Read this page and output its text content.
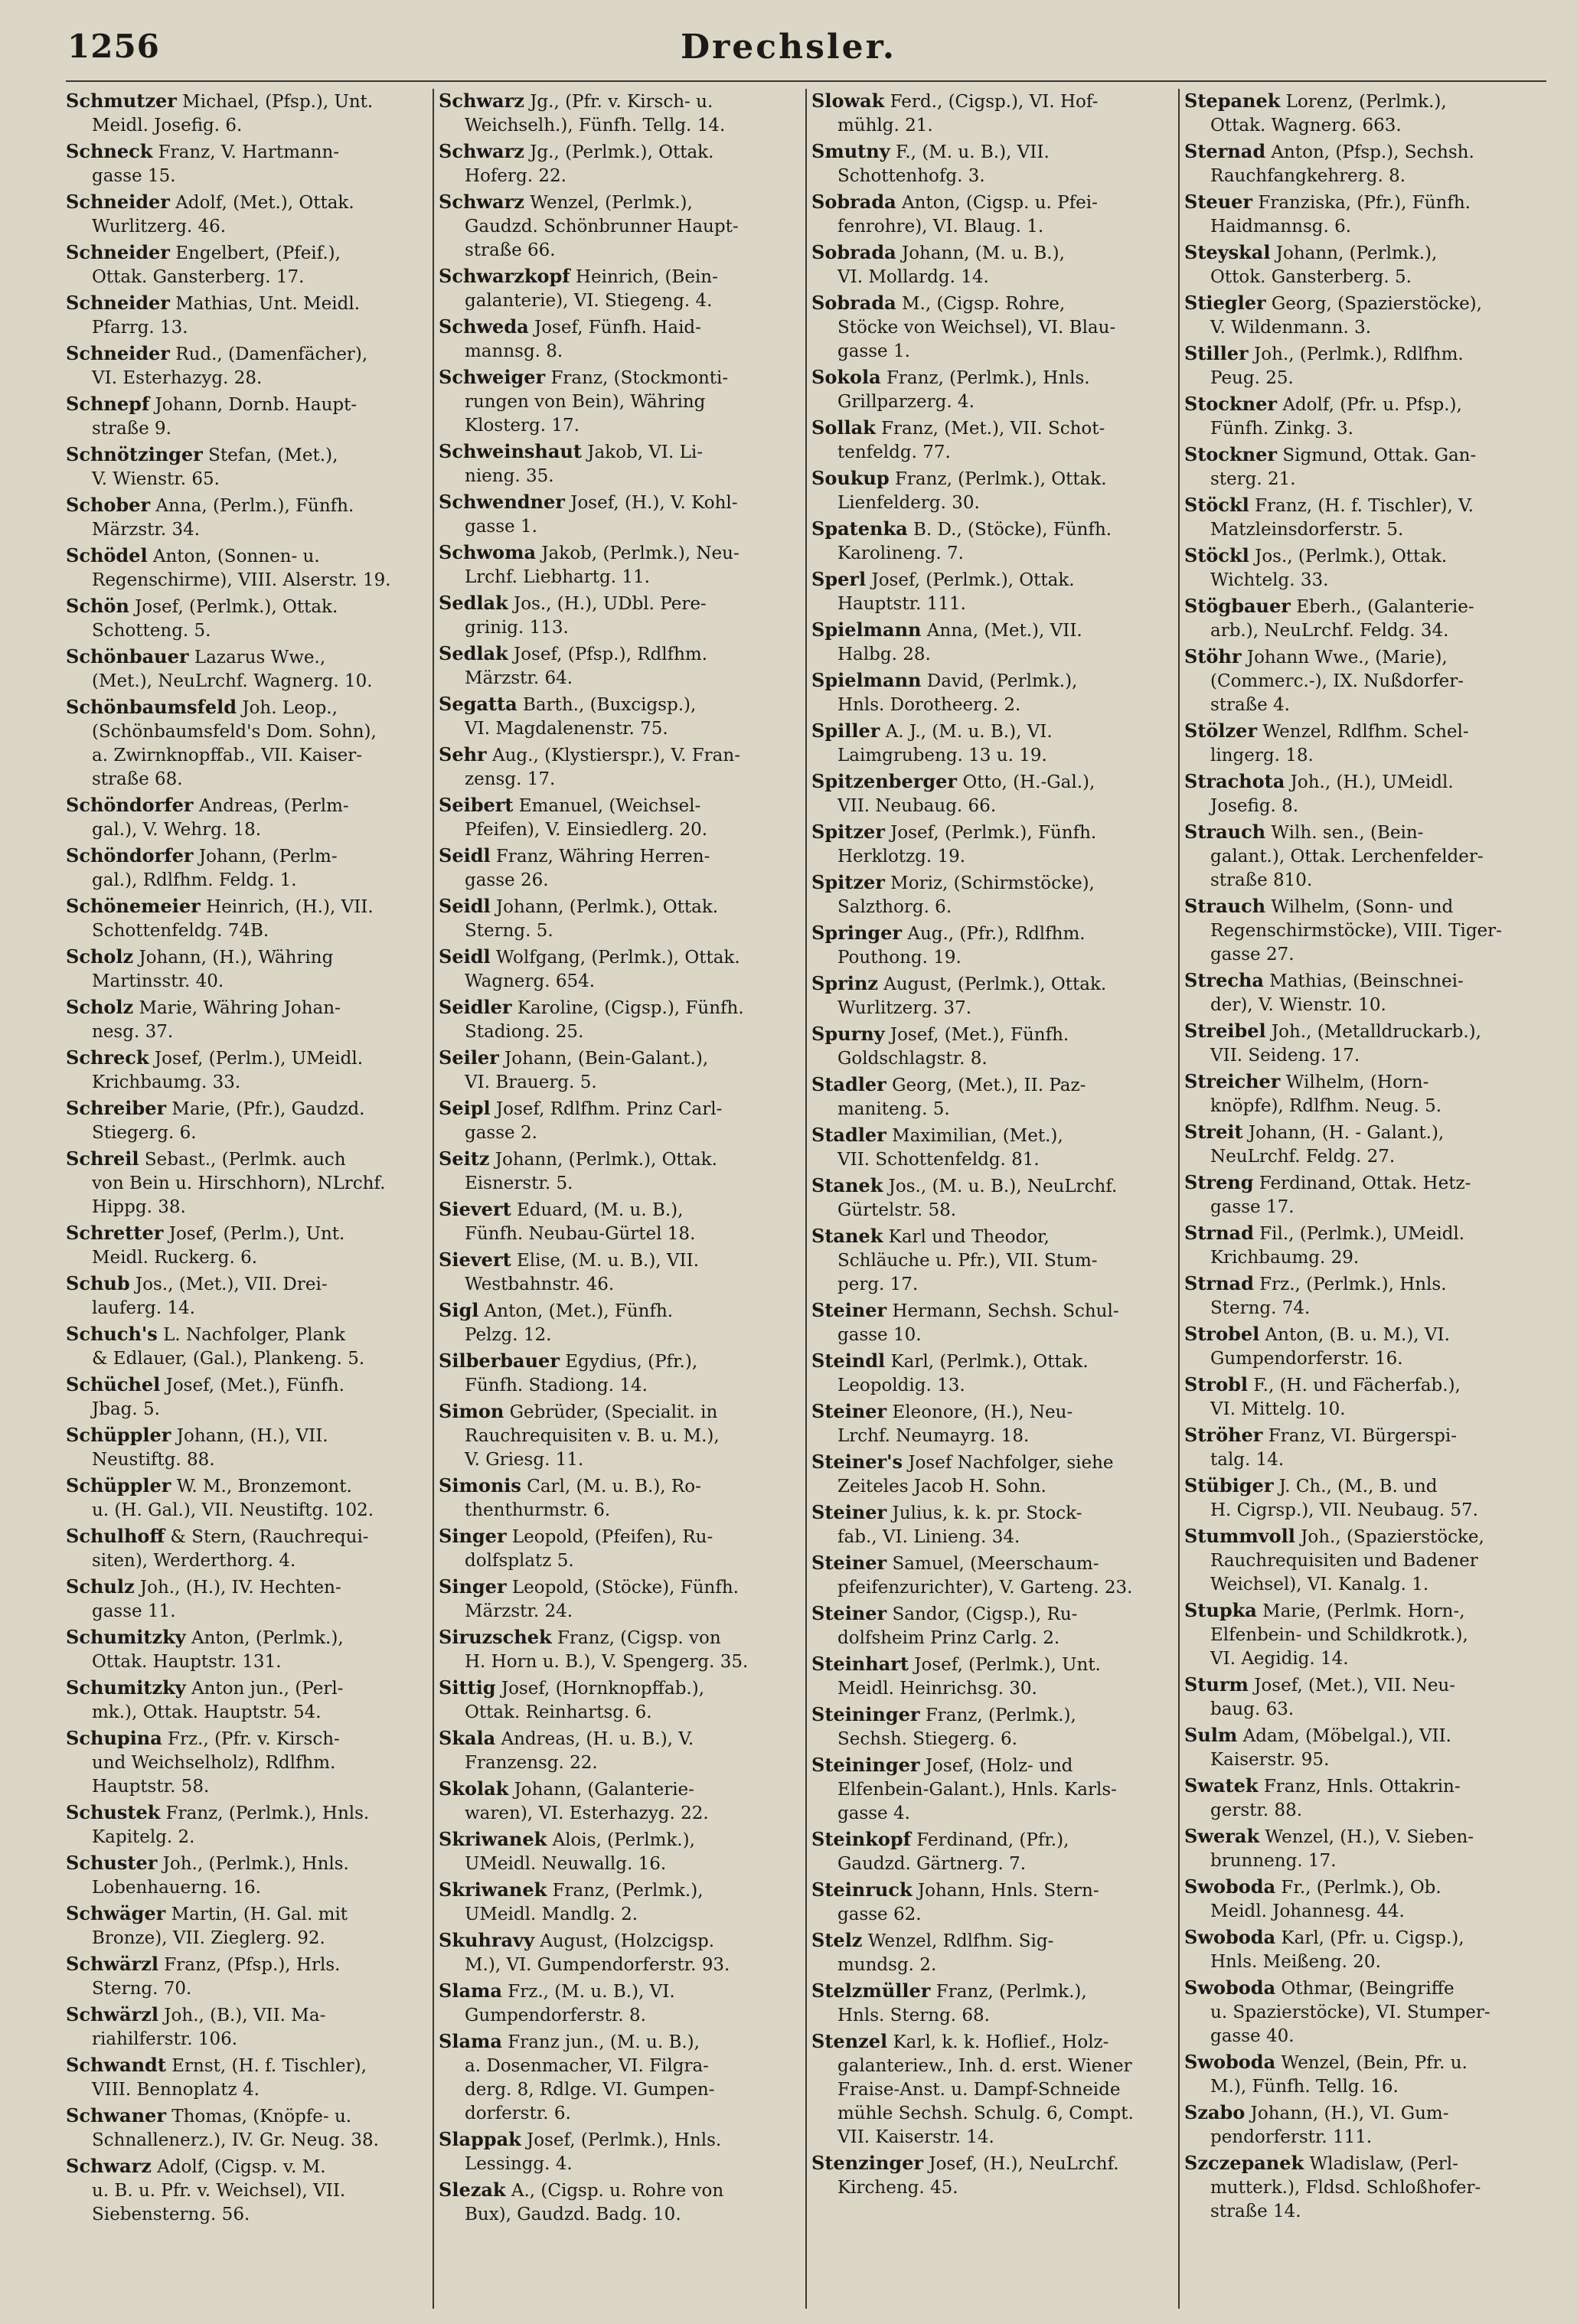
1256	Drechsler.
Schmutzer Michael, (Pfsp.), Unt.
Meidl. Josefig. 6.
Schneck Franz, V. Hartmann-
gasse 15.
Schneider Adolf, (Met.), Ottak.
Wurlitzerg. 46.
Schneider Engelbert, (Pfeif.),
Ottak. Gansterberg. 17.
Schneider Mathias, Unt. Meidl.
Pfarrg. 13.
Schneider Rud., (Damenfächer),
VI. Esterhazyg. 28.
Schnepf Johann, Dornb. Haupt-
straße 9.
Schnötzinger Stefan, (Met.),
V. Wienstr. 65.
Schober Anna, (Perlm.), Fünfh.
Märzstr. 34.
Schödel Anton, (Sonnen- u.
Regenschirme), VIII. Alserstr. 19.
Schön Josef, (Perlmk.), Ottak.
Schotteng. 5.
Schönbauer Lazarus Wwe.,
(Met.), NeuLrchf. Wagnerg. 10.
Schönbaumsfeld Joh. Leop.,
(Schönbaumsfeld's Dom. Sohn),
a. Zwirnknopffab., VII. Kaiser-
straße 68.
Schöndorfer Andreas, (Perlm-
gal.), V. Wehrg. 18.
Schöndorfer Johann, (Perlm-
gal.), Rdlfhm. Feldg. 1.
Schönemeier Heinrich, (H.), VII.
Schottenfeldg. 74B.
Scholz Johann, (H.), Währing
Martinsstr. 40.
Scholz Marie, Währing Johan-
nesg. 37.
Schreck Josef, (Perlm.), UMeidl.
Krichbaumg. 33.
Schreiber Marie, (Pfr.), Gaudzd.
Stiegerg. 6.
Schreil Sebast., (Perlmk. auch
von Bein u. Hirschhorn), NLrchf.
Hippg. 38.
Schretter Josef, (Perlm.), Unt.
Meidl. Ruckerg. 6.
Schub Jos., (Met.), VII. Drei-
lauferg. 14.
Schuch's L. Nachfolger, Plank
& Edlauer, (Gal.), Plankeng. 5.
Schüchel Josef, (Met.), Fünfh.
Jbag. 5.
Schüppler Johann, (H.), VII.
Neustiftg. 88.
Schüppler W. M., Bronzemont.
u. (H. Gal.), VII. Neustiftg. 102.
Schulhoff & Stern, (Rauchrequi-
siten), Werderthorg. 4.
Schulz Joh., (H.), IV. Hechten-
gasse 11.
Schumitzky Anton, (Perlmk.),
Ottak. Hauptstr. 131.
Schumitzky Anton jun., (Perl-
mk.), Ottak. Hauptstr. 54.
Schupina Frz., (Pfr. v. Kirsch-
und Weichselholz), Rdlfhm.
Hauptstr. 58.
Schustek Franz, (Perlmk.), Hnls.
Kapitelg. 2.
Schuster Joh., (Perlmk.), Hnls.
Lobenhauerng. 16.
Schwäger Martin, (H. Gal. mit
Bronze), VII. Zieglerg. 92.
Schwärzl Franz, (Pfsp.), Hrls.
Sterng. 70.
Schwärzl Joh., (B.), VII. Ma-
riahilferstr. 106.
Schwandt Ernst, (H. f. Tischler),
VIII. Bennoplatz 4.
Schwaner Thomas, (Knöpfe- u.
Schnallenerz.), IV. Gr. Neug. 38.
Schwarz Adolf, (Cigsp. v. M.
u. B. u. Pfr. v. Weichsel), VII.
Siebensterng. 56.
Schwarz Jg., (Pfr. v. Kirsch- u.
Weichselh.), Fünfh. Tellg. 14.
Schwarz Jg., (Perlmk.), Ottak.
Hoferg. 22.
Schwarz Wenzel, (Perlmk.),
Gaudzd. Schönbrunner Haupt-
straße 66.
Schwarzkopf Heinrich, (Bein-
galanterie), VI. Stiegeng. 4.
Schweda Josef, Fünfh. Haid-
mannsg. 8.
Schweiger Franz, (Stockmonti-
rungen von Bein), Währing
Klosterg. 17.
Schweinshaut Jakob, VI. Li-
nieng. 35.
Schwendner Josef, (H.), V. Kohl-
gasse 1.
Schwoma Jakob, (Perlmk.), Neu-
Lrchf. Liebhartg. 11.
Sedlak Jos., (H.), UDbl. Pere-
grinig. 113.
Sedlak Josef, (Pfsp.), Rdlfhm.
Märzstr. 64.
Segatta Barth., (Buxcigsp.),
VI. Magdalenenstr. 75.
Sehr Aug., (Klystierspr.), V. Fran-
zensg. 17.
Seibert Emanuel, (Weichsel-
Pfeifen), V. Einsiedlerg. 20.
Seidl Franz, Währing Herren-
gasse 26.
Seidl Johann, (Perlmk.), Ottak.
Sterng. 5.
Seidl Wolfgang, (Perlmk.), Ottak.
Wagnerg. 654.
Seidler Karoline, (Cigsp.), Fünfh.
Stadiong. 25.
Seiler Johann, (Bein-Galant.),
VI. Brauerg. 5.
Seipl Josef, Rdlfhm. Prinz Carl-
gasse 2.
Seitz Johann, (Perlmk.), Ottak.
Eisnerstr. 5.
Sievert Eduard, (M. u. B.),
Fünfh. Neubau-Gürtel 18.
Sievert Elise, (M. u. B.), VII.
Westbahnstr. 46.
Sigl Anton, (Met.), Fünfh.
Pelzg. 12.
Silberbauer Egydius, (Pfr.),
Fünfh. Stadiong. 14.
Simon Gebrüder, (Specialit. in
Rauchrequisiten v. B. u. M.),
V. Griesg. 11.
Simonis Carl, (M. u. B.), Ro-
thenthurmstr. 6.
Singer Leopold, (Pfeifen), Ru-
dolfsplatz 5.
Singer Leopold, (Stöcke), Fünfh.
Märzstr. 24.
Siruzschek Franz, (Cigsp. von
H. Horn u. B.), V. Spengerg. 35.
Sittig Josef, (Hornknopffab.),
Ottak. Reinhartsg. 6.
Skala Andreas, (H. u. B.), V.
Franzensg. 22.
Skolak Johann, (Galanterie-
waren), VI. Esterhazyg. 22.
Skriwanek Alois, (Perlmk.),
UMeidl. Neuwallg. 16.
Skriwanek Franz, (Perlmk.),
UMeidl. Mandlg. 2.
Skuhravy August, (Holzcigsp.
M.), VI. Gumpendorferstr. 93.
Slama Frz., (M. u. B.), VI.
Gumpendorferstr. 8.
Slama Franz jun., (M. u. B.),
a. Dosenmacher, VI. Filgra-
derg. 8, Rdlge. VI. Gumpen-
dorferstr. 6.
Slappak Josef, (Perlmk.), Hnls.
Lessingg. 4.
Slezak A., (Cigsp. u. Rohre von
Bux), Gaudzd. Badg. 10.
Slowak Ferd., (Cigsp.), VI. Hof-
mühlg. 21.
Smutny F., (M. u. B.), VII.
Schottenhofg. 3.
Sobrada Anton, (Cigsp. u. Pfei-
fenrohre), VI. Blaug. 1.
Sobrada Johann, (M. u. B.),
VI. Mollardg. 14.
Sobrada M., (Cigsp. Rohre,
Stöcke von Weichsel), VI. Blau-
gasse 1.
Sokola Franz, (Perlmk.), Hnls.
Grillparzerg. 4.
Sollak Franz, (Met.), VII. Schot-
tenfeldg. 77.
Soukup Franz, (Perlmk.), Ottak.
Lienfelderg. 30.
Spatenka B. D., (Stöcke), Fünfh.
Karolineng. 7.
Sperl Josef, (Perlmk.), Ottak.
Hauptstr. 111.
Spielmann Anna, (Met.), VII.
Halbg. 28.
Spielmann David, (Perlmk.),
Hnls. Dorotheerg. 2.
Spiller A. J., (M. u. B.), VI.
Laimgrubeng. 13 u. 19.
Spitzenberger Otto, (H.-Gal.),
VII. Neubaug. 66.
Spitzer Josef, (Perlmk.), Fünfh.
Herklotzg. 19.
Spitzer Moriz, (Schirmstöcke),
Salzthorg. 6.
Springer Aug., (Pfr.), Rdlfhm.
Pouthong. 19.
Sprinz August, (Perlmk.), Ottak.
Wurlitzerg. 37.
Spurny Josef, (Met.), Fünfh.
Goldschlagstr. 8.
Stadler Georg, (Met.), II. Paz-
maniteng. 5.
Stadler Maximilian, (Met.),
VII. Schottenfeldg. 81.
Stanek Jos., (M. u. B.), NeuLrchf.
Gürtelstr. 58.
Stanek Karl und Theodor,
Schläuche u. Pfr.), VII. Stum-
perg. 17.
Steiner Hermann, Sechsh. Schul-
gasse 10.
Steindl Karl, (Perlmk.), Ottak.
Leopoldig. 13.
Steiner Eleonore, (H.), Neu-
Lrchf. Neumayrg. 18.
Steiner's Josef Nachfolger, siehe
Zeiteles Jacob H. Sohn.
Steiner Julius, k. k. pr. Stock-
fab., VI. Linieng. 34.
Steiner Samuel, (Meerschaum-
pfeifenzurichter), V. Garteng. 23.
Steiner Sandor, (Cigsp.), Ru-
dolfsheim Prinz Carlg. 2.
Steinhart Josef, (Perlmk.), Unt.
Meidl. Heinrichsg. 30.
Steininger Franz, (Perlmk.),
Sechsh. Stiegerg. 6.
Steininger Josef, (Holz- und
Elfenbein-Galant.), Hnls. Karls-
gasse 4.
Steinkopf Ferdinand, (Pfr.),
Gaudzd. Gärtnerg. 7.
Steinruck Johann, Hnls. Stern-
gasse 62.
Stelz Wenzel, Rdlfhm. Sig-
mundsg. 2.
Stelzmüller Franz, (Perlmk.),
Hnls. Sterng. 68.
Stenzel Karl, k. k. Hoflief., Holz-
galanteriew., Inh. d. erst. Wiener
Fraise-Anst. u. Dampf-Schneide
mühle Sechsh. Schulg. 6, Compt.
VII. Kaiserstr. 14.
Stenzinger Josef, (H.), NeuLrchf.
Kircheng. 45.
Stepanek Lorenz, (Perlmk.),
Ottak. Wagnerg. 663.
Sternad Anton, (Pfsp.), Sechsh.
Rauchfangkehrerg. 8.
Steuer Franziska, (Pfr.), Fünfh.
Haidmannsg. 6.
Steyskal Johann, (Perlmk.),
Ottok. Gansterberg. 5.
Stiegler Georg, (Spazierstöcke),
V. Wildenmann. 3.
Stiller Joh., (Perlmk.), Rdlfhm.
Peug. 25.
Stockner Adolf, (Pfr. u. Pfsp.),
Fünfh. Zinkg. 3.
Stockner Sigmund, Ottak. Gan-
sterg. 21.
Stöckl Franz, (H. f. Tischler), V.
Matzleinsdorferstr. 5.
Stöckl Jos., (Perlmk.), Ottak.
Wichtelg. 33.
Stögbauer Eberh., (Galanterie-
arb.), NeuLrchf. Feldg. 34.
Stöhr Johann Wwe., (Marie),
(Commerc.-), IX. Nußdorfer-
straße 4.
Stölzer Wenzel, Rdlfhm. Schel-
lingerg. 18.
Strachota Joh., (H.), UMeidl.
Josefig. 8.
Strauch Wilh. sen., (Bein-
galant.), Ottak. Lerchenfelder-
straße 810.
Strauch Wilhelm, (Sonn- und
Regenschirmstöcke), VIII. Tiger-
gasse 27.
Strecha Mathias, (Beinschnei-
der), V. Wienstr. 10.
Streibel Joh., (Metalldruckarb.),
VII. Seideng. 17.
Streicher Wilhelm, (Horn-
knöpfe), Rdlfhm. Neug. 5.
Streit Johann, (H. - Galant.),
NeuLrchf. Feldg. 27.
Streng Ferdinand, Ottak. Hetz-
gasse 17.
Strnad Fil., (Perlmk.), UMeidl.
Krichbaumg. 29.
Strnad Frz., (Perlmk.), Hnls.
Sterng. 74.
Strobel Anton, (B. u. M.), VI.
Gumpendorferstr. 16.
Strobl F., (H. und Fächerfab.),
VI. Mittelg. 10.
Ströher Franz, VI. Bürgerspi-
talg. 14.
Stübiger J. Ch., (M., B. und
H. Cigrsp.), VII. Neubaug. 57.
Stummvoll Joh., (Spazierstöcke,
Rauchrequisiten und Badener
Weichsel), VI. Kanalg. 1.
Stupka Marie, (Perlmk. Horn-,
Elfenbein- und Schildkrotk.),
VI. Aegidig. 14.
Sturm Josef, (Met.), VII. Neu-
baug. 63.
Sulm Adam, (Möbelgal.), VII.
Kaiserstr. 95.
Swatek Franz, Hnls. Ottakrin-
gerstr. 88.
Swerak Wenzel, (H.), V. Sieben-
brunneng. 17.
Swoboda Fr., (Perlmk.), Ob.
Meidl. Johannesg. 44.
Swoboda Karl, (Pfr. u. Cigsp.),
Hnls. Meißeng. 20.
Swoboda Othmar, (Beingriffe
u. Spazierstöcke), VI. Stumper-
gasse 40.
Swoboda Wenzel, (Bein, Pfr. u.
M.), Fünfh. Tellg. 16.
Szabo Johann, (H.), VI. Gum-
pendorferstr. 111.
Szczepanek Wladislaw, (Perl-
mutterk.), Fldsd. Schloßhofer-
straße 14.
